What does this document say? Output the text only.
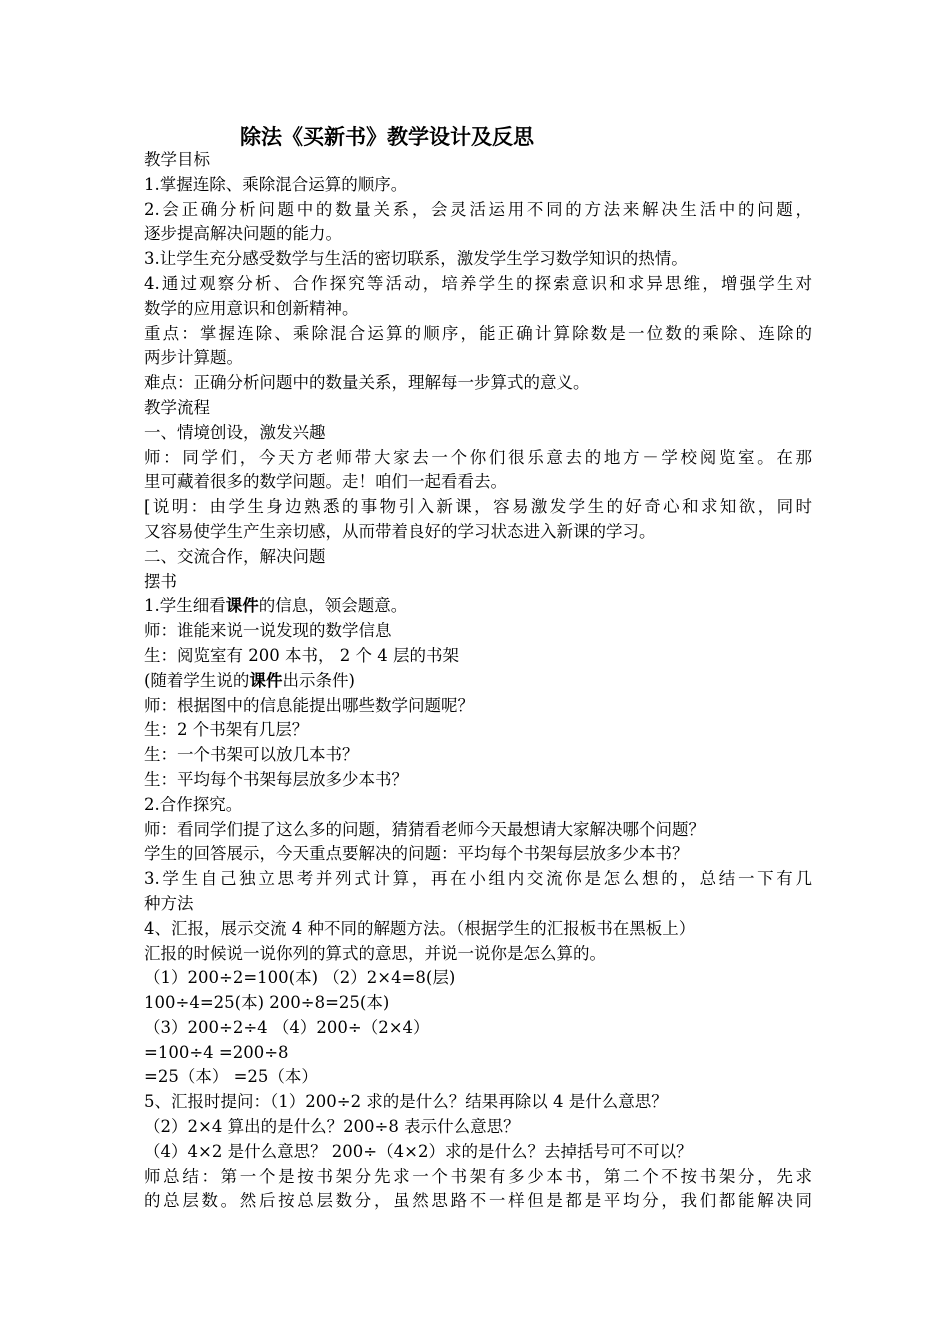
除法《买新书》教学设计及反思
教学目标
1.掌握连除、乘除混合运算的顺序。
2.会正确分析问题中的数量关系，会灵活运用不同的方法来解决生活中的问题，
逐步提高解决问题的能力。
3.让学生充分感受数学与生活的密切联系，激发学生学习数学知识的热情。
4.通过观察分析、合作探究等活动，培养学生的探索意识和求异思维，增强学生对
数学的应用意识和创新精神。
重点：掌握连除、乘除混合运算的顺序，能正确计算除数是一位数的乘除、连除的
两步计算题。
难点：正确分析问题中的数量关系，理解每一步算式的意义。
教学流程
一、情境创设，激发兴趣
师：同学们，今天方老师带大家去一个你们很乐意去的地方－学校阅览室。在那
里可藏着很多的数学问题。走！咱们一起看看去。
[说明：由学生身边熟悉的事物引入新课，容易激发学生的好奇心和求知欲，同时
又容易使学生产生亲切感，从而带着良好的学习状态进入新课的学习。
二、交流合作，解决问题
摆书
1.学生细看课件的信息，领会题意。
师：谁能来说一说发现的数学信息
生：阅览室有 200 本书， 2 个 4 层的书架
(随着学生说的课件出示条件)
师：根据图中的信息能提出哪些数学问题呢？
生：2 个书架有几层？
生：一个书架可以放几本书？
生：平均每个书架每层放多少本书？
2.合作探究。
师：看同学们提了这么多的问题，猜猜看老师今天最想请大家解决哪个问题？
学生的回答展示，今天重点要解决的问题：平均每个书架每层放多少本书？
3.学生自己独立思考并列式计算，再在小组内交流你是怎么想的，总结一下有几
种方法
4、汇报，展示交流 4 种不同的解题方法。（根据学生的汇报板书在黑板上）
汇报的时候说一说你列的算式的意思，并说一说你是怎么算的。
（1）200÷2=100(本) （2）2×4=8(层)
100÷4=25(本) 200÷8=25(本)
（3）200÷2÷4 （4）200÷（2×4）
=100÷4 =200÷8
=25（本） =25（本）
5、汇报时提问：（1）200÷2 求的是什么？结果再除以 4 是什么意思？
（2）2×4 算出的是什么？200÷8 表示什么意思？
（4）4×2 是什么意思？ 200÷（4×2）求的是什么？去掉括号可不可以？
师总结：第一个是按书架分先求一个书架有多少本书，第二个不按书架分，先求
的总层数。然后按总层数分，虽然思路不一样但是都是平均分，我们都能解决同
